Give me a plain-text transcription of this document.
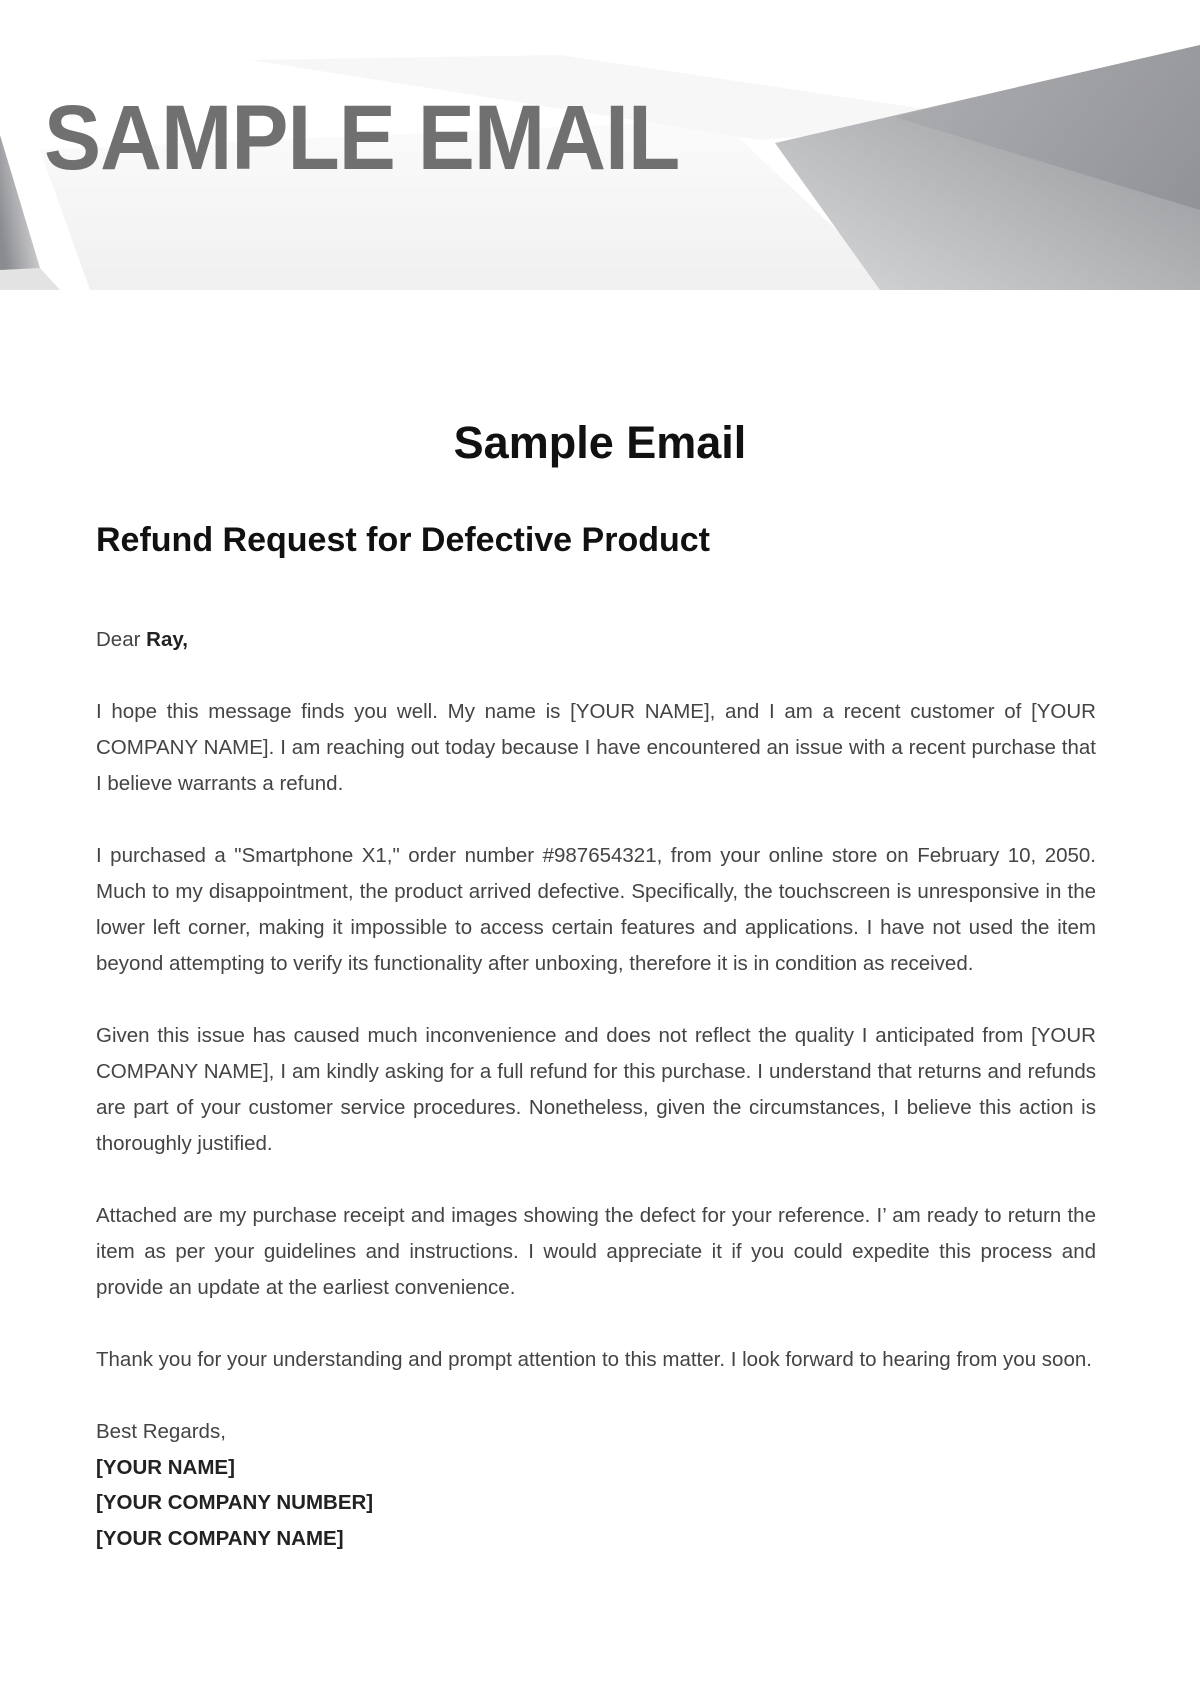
SAMPLE EMAIL
Sample Email
Refund Request for Defective Product

Dear Ray,

I hope this message finds you well. My name is [YOUR NAME], and I am a recent customer of [YOUR COMPANY NAME]. I am reaching out today because I have encountered an issue with a recent purchase that I believe warrants a refund.

I purchased a "Smartphone X1," order number #987654321, from your online store on February 10, 2050. Much to my disappointment, the product arrived defective. Specifically, the touchscreen is unresponsive in the lower left corner, making it impossible to access certain features and applications. I have not used the item beyond attempting to verify its functionality after unboxing, therefore it is in condition as received.

Given this issue has caused much inconvenience and does not reflect the quality I anticipated from [YOUR COMPANY NAME], I am kindly asking for a full refund for this purchase. I understand that returns and refunds are part of your customer service procedures. Nonetheless, given the circumstances, I believe this action is thoroughly justified.

Attached are my purchase receipt and images showing the defect for your reference. I’ am ready to return the item as per your guidelines and instructions. I would appreciate it if you could expedite this process and provide an update at the earliest convenience.

Thank you for your understanding and prompt attention to this matter. I look forward to hearing from you soon.

Best Regards,
[YOUR NAME]
[YOUR COMPANY NUMBER]
[YOUR COMPANY NAME]
